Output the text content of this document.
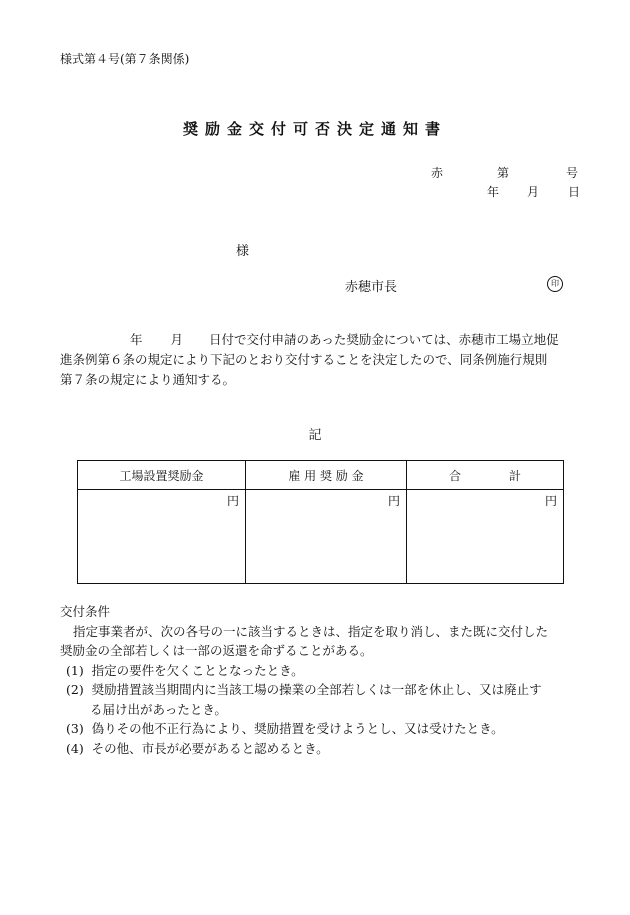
様式第４号(第７条関係)
奨励金交付可否決定通知書
赤	第	号
年 月 日
様
赤穂市長	印

年 月 日付で交付申請のあった奨励金については、赤穂市工場立地促

進条例第６条の規定により下記のとおり交付することを決定したので、同条例施行規則

第７条の規定により通知する。

記
工場設置奨励金	雇 用 奨 励 金	合　　　　計
円	円	円
交付条件
指定事業者が、次の各号の一に該当するときは、指定を取り消し、また既に交付した
奨励金の全部若しくは一部の返還を命ずることがある。
(1) 指定の要件を欠くこととなったとき。
(2) 奨励措置該当期間内に当該工場の操業の全部若しくは一部を休止し、又は廃止す
る届け出があったとき。
(3) 偽りその他不正行為により、奨励措置を受けようとし、又は受けたとき。
(4) その他、市長が必要があると認めるとき。
